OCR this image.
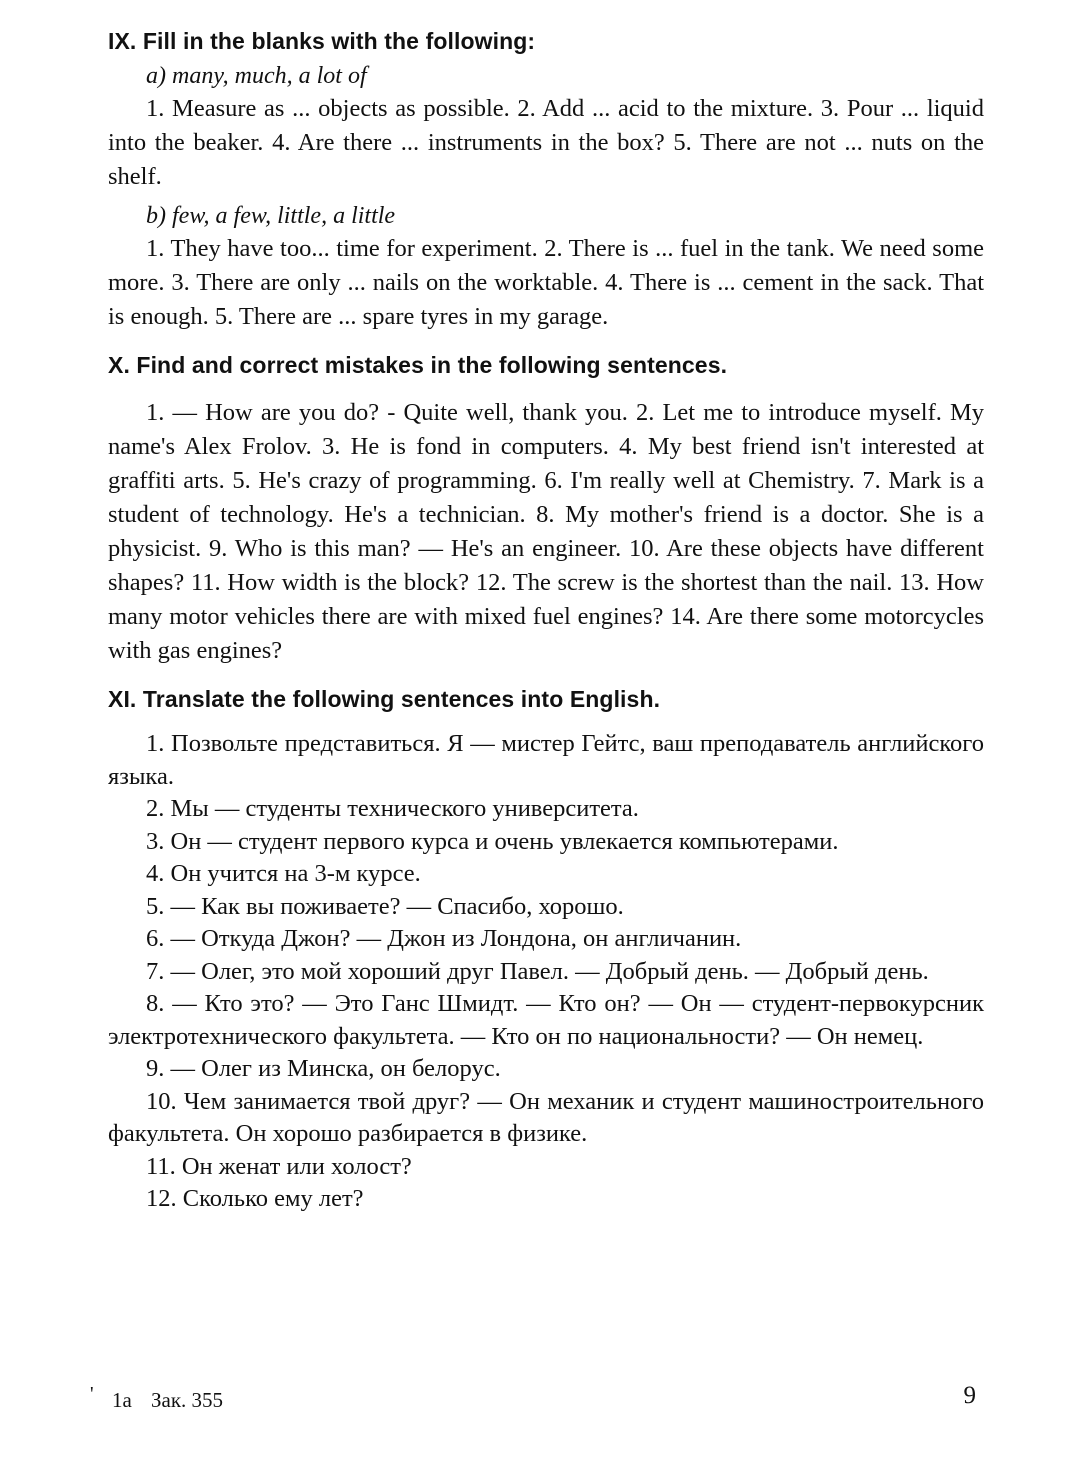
IX. Fill in the blanks with the following:

a) many, much, a lot of

1. Measure as ... objects as possible. 2. Add ... acid to the mixture. 3. Pour ... liquid into the beaker. 4. Are there ... instruments in the box? 5. There are not ... nuts on the shelf.

b) few, a few, little, a little

1. They have too... time for experiment. 2. There is ... fuel in the tank. We need some more. 3. There are only ... nails on the worktable. 4. There is ... cement in the sack. That is enough. 5. There are ... spare tyres in my garage.

X. Find and correct mistakes in the following sentences.

1. — How are you do? - Quite well, thank you. 2. Let me to introduce myself. My name's Alex Frolov. 3. He is fond in computers. 4. My best friend isn't interested at graffiti arts. 5. He's crazy of programming. 6. I'm really well at Chemistry. 7. Mark is a student of technology. He's a technician. 8. My mother's friend is a doctor. She is a physicist. 9. Who is this man? — He's an engineer. 10. Are these objects have different shapes? 11. How width is the block? 12. The screw is the shortest than the nail. 13. How many motor vehicles there are with mixed fuel engines? 14. Are there some motorcycles with gas engines?

XI. Translate the following sentences into English.

1. Позвольте представиться. Я — мистер Гейтс, ваш преподаватель английского языка.

2. Мы — студенты технического университета.

3. Он — студент первого курса и очень увлекается компьютерами.

4. Он учится на 3-м курсе.

5. — Как вы поживаете? — Спасибо, хорошо.

6. — Откуда Джон? — Джон из Лондона, он англичанин.

7. — Олег, это мой хороший друг Павел. — Добрый день. — Добрый день.

8. — Кто это? — Это Ганс Шмидт. — Кто он? — Он — студент-первокурсник электротехнического факультета. — Кто он по национальности? — Он немец.

9. — Олег из Минска, он белорус.

10. Чем занимается твой друг? — Он механик и студент машиностроительного факультета. Он хорошо разбирается в физике.

11. Он женат или холост?

12. Сколько ему лет?

' 1a Зак. 355	9
